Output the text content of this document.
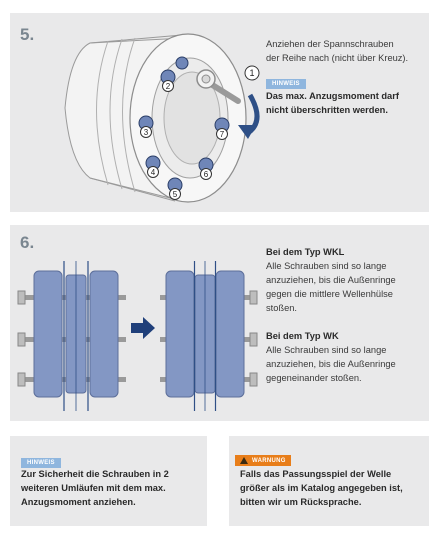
5.
2
3
4
5
6
7
1
Anziehen der Spannschrauben
der Reihe nach (nicht über Kreuz).
HINWEIS
Das max. Anzugsmoment darf
nicht überschritten werden.
6.	Bei dem Typ WKL
Alle Schrauben sind so lange
anzuziehen, bis die Außenringe
gegen die mittlere Wellenhülse
stoßen.
Bei dem Typ WK
Alle Schrauben sind so lange
anzuziehen, bis die Außenringe
gegeneinander stoßen.
HINWEIS
Zur Sicherheit die Schrauben in 2
weiteren Umläufen mit dem max.
Anzugsmoment anziehen.
WARNUNG
Falls das Passungsspiel der Welle
größer als im Katalog angegeben ist,
bitten wir um Rücksprache.
